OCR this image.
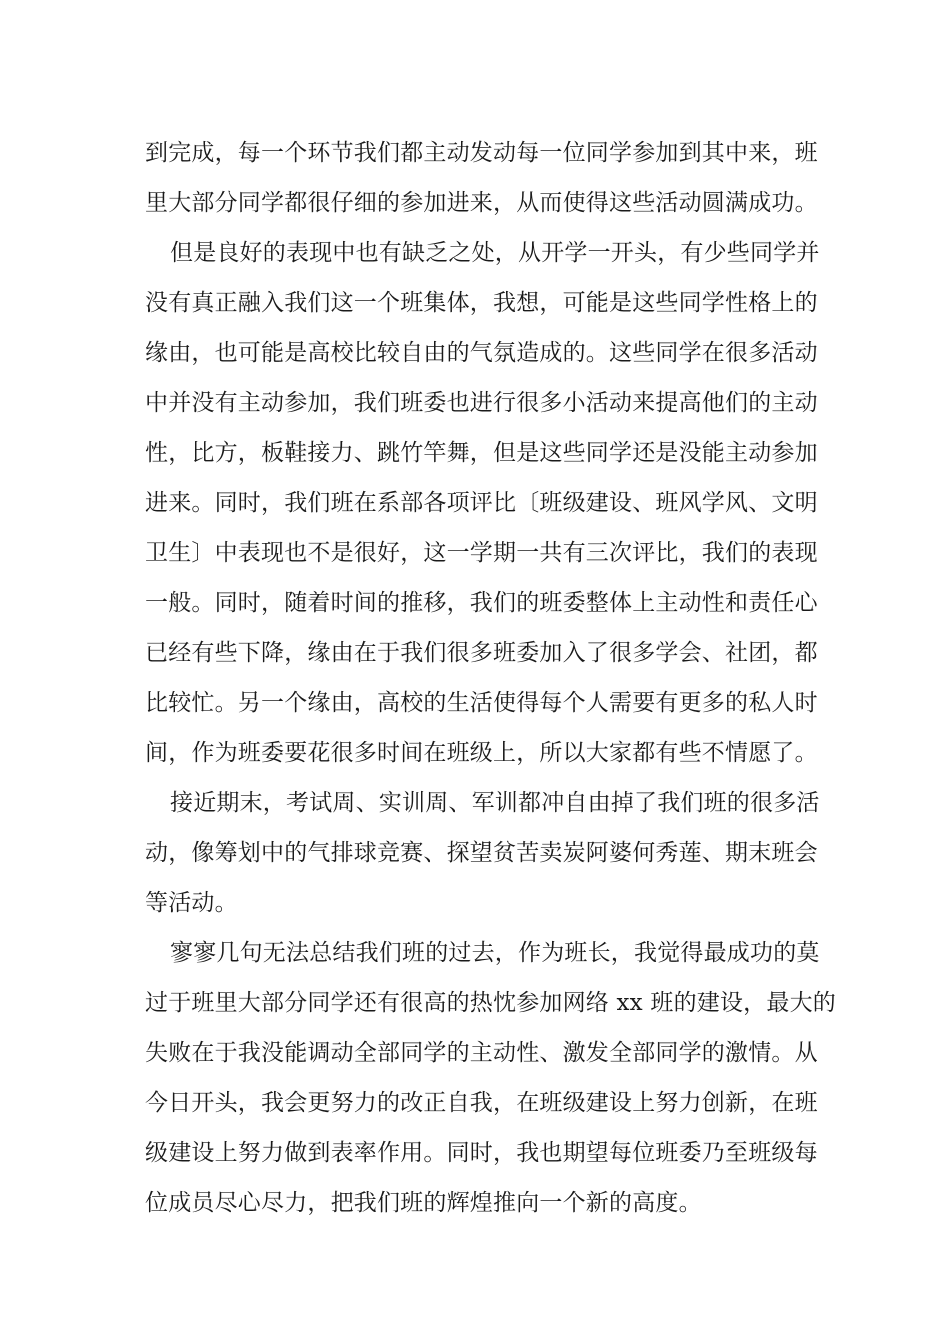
到完成，每一个环节我们都主动发动每一位同学参加到其中来，班
里大部分同学都很仔细的参加进来，从而使得这些活动圆满成功。
但是良好的表现中也有缺乏之处，从开学一开头，有少些同学并
没有真正融入我们这一个班集体，我想，可能是这些同学性格上的
缘由，也可能是高校比较自由的气氛造成的。这些同学在很多活动
中并没有主动参加，我们班委也进行很多小活动来提高他们的主动
性，比方，板鞋接力、跳竹竿舞，但是这些同学还是没能主动参加
进来。同时，我们班在系部各项评比〔班级建设、班风学风、文明
卫生〕中表现也不是很好，这一学期一共有三次评比，我们的表现
一般。同时，随着时间的推移，我们的班委整体上主动性和责任心
已经有些下降，缘由在于我们很多班委加入了很多学会、社团，都
比较忙。另一个缘由，高校的生活使得每个人需要有更多的私人时
间，作为班委要花很多时间在班级上，所以大家都有些不情愿了。
接近期末，考试周、实训周、军训都冲自由掉了我们班的很多活
动，像筹划中的气排球竞赛、探望贫苦卖炭阿婆何秀莲、期末班会
等活动。
寥寥几句无法总结我们班的过去，作为班长，我觉得最成功的莫
过于班里大部分同学还有很高的热忱参加网络 xx 班的建设，最大的
失败在于我没能调动全部同学的主动性、激发全部同学的激情。从
今日开头，我会更努力的改正自我，在班级建设上努力创新，在班
级建设上努力做到表率作用。同时，我也期望每位班委乃至班级每
位成员尽心尽力，把我们班的辉煌推向一个新的高度。
